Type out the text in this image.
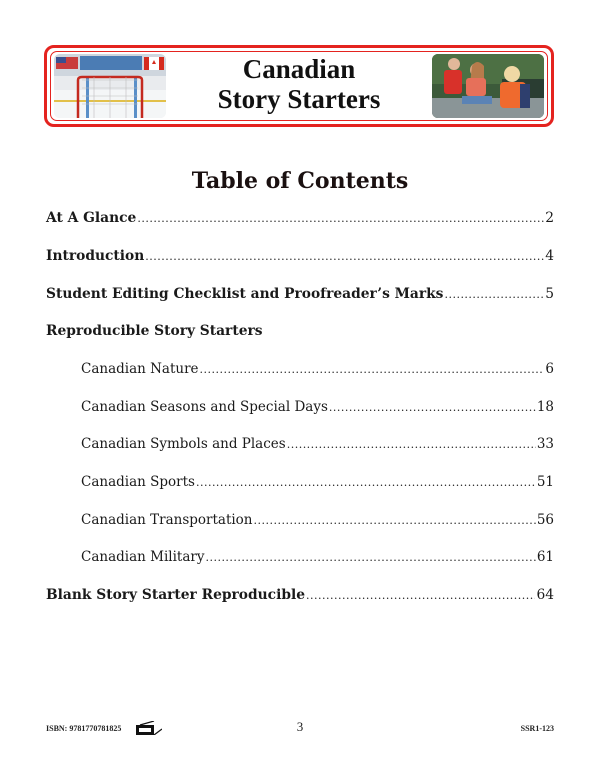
Canadian
Story Starters
Table of Contents
At A Glance .....	2
Introduction .....	4
Student Editing Checklist and Proofreader’s Marks .....	5
Reproducible Story Starters
Canadian Nature .....	6
Canadian Seasons and Special Days .....	18
Canadian Symbols and Places .....	33
Canadian Sports .....	51
Canadian Transportation .....	56
Canadian Military .....	61
Blank Story Starter Reproducible .....	64
ISBN: 9781770781825	3	SSR1-123
